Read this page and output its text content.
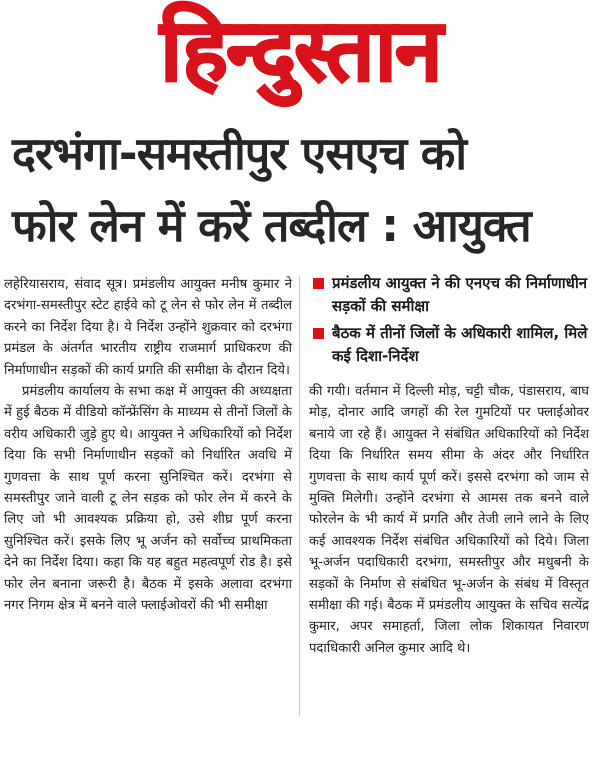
हिन्दुस्तान
दरभंगा-समस्तीपुर एसएच को
फोर लेन में करें तब्दील : आयुक्त

लहेरियासराय, संवाद सूत्र। प्रमंडलीय आयुक्त मनीष कुमार ने दरभंगा-समस्तीपुर स्टेट हाईवे को टू लेन से फोर लेन में तब्दील करने का निर्देश दिया है। ये निर्देश उन्होंने शुक्रवार को दरभंगा प्रमंडल के अंतर्गत भारतीय राष्ट्रीय राजमार्ग प्राधिकरण की निर्माणाधीन सड़कों की कार्य प्रगति की समीक्षा के दौरान दिये।

प्रमंडलीय कार्यालय के सभा कक्ष में आयुक्त की अध्यक्षता में हुई बैठक में वीडियो कॉन्फ्रेंसिंग के माध्यम से तीनों जिलों के वरीय अधिकारी जुड़े हुए थे। आयुक्त ने अधिकारियों को निर्देश दिया कि सभी निर्माणाधीन सड़कों को निर्धारित अवधि में गुणवत्ता के साथ पूर्ण करना सुनिश्चित करें। दरभंगा से समस्तीपुर जाने वाली टू लेन सड़क को फोर लेन में करने के लिए जो भी आवश्यक प्रक्रिया हो, उसे शीघ्र पूर्ण करना सुनिश्चित करें। इसके लिए भू अर्जन को सर्वोच्च प्राथमिकता देने का निर्देश दिया। कहा कि यह बहुत महत्वपूर्ण रोड है। इसे फोर लेन बनाना जरूरी है। बैठक में इसके अलावा दरभंगा नगर निगम क्षेत्र में बनने वाले फ्लाईओवरों की भी समीक्षा

प्रमंडलीय आयुक्त ने की एनएच की निर्माणाधीन सड़कों की समीक्षा
बैठक में तीनों जिलों के अधिकारी शामिल, मिले कई दिशा-निर्देश

की गयी। वर्तमान में दिल्ली मोड़, चट्टी चौक, पंडासराय, बाघ मोड़, दोनार आदि जगहों की रेल गुमटियों पर फ्लाईओवर बनाये जा रहे हैं। आयुक्त ने संबंधित अधिकारियों को निर्देश दिया कि निर्धारित समय सीमा के अंदर और निर्धारित गुणवत्ता के साथ कार्य पूर्ण करें। इससे दरभंगा को जाम से मुक्ति मिलेगी। उन्होंने दरभंगा से आमस तक बनने वाले फोरलेन के भी कार्य में प्रगति और तेजी लाने लाने के लिए कई आवश्यक निर्देश संबंधित अधिकारियों को दिये। जिला भू-अर्जन पदाधिकारी दरभंगा, समस्तीपुर और मधुबनी के सड़कों के निर्माण से संबंधित भू-अर्जन के संबंध में विस्तृत समीक्षा की गई। बैठक में प्रमंडलीय आयुक्त के सचिव सत्येंद्र कुमार, अपर समाहर्ता, जिला लोक शिकायत निवारण पदाधिकारी अनिल कुमार आदि थे।
